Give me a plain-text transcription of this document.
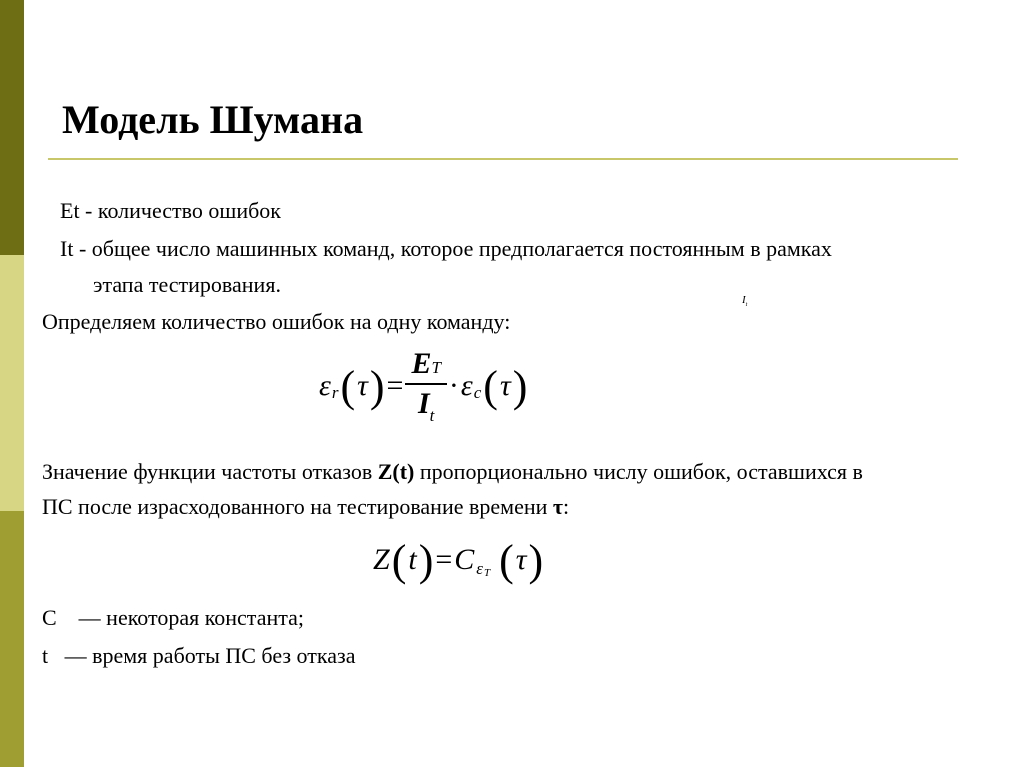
Модель Шумана
Et - количество ошибок
It - общее число машинных команд, которое предполагается постоянным в рамках
этапа тестирования.
$I_t$
Определяем количество ошибок на одну команду:
ε r ( τ ) = $\frac{ET}{I_t} \cdot \varepsilon$ c ( τ )
Значение функции частоты отказов Z(t) пропорционально числу ошибок, оставшихся в
ПС после израсходованного на тестирование времени τ:
Z ( t ) = C ε T ( τ )
C    — некоторая константа;
t   — время работы ПС без отказа
